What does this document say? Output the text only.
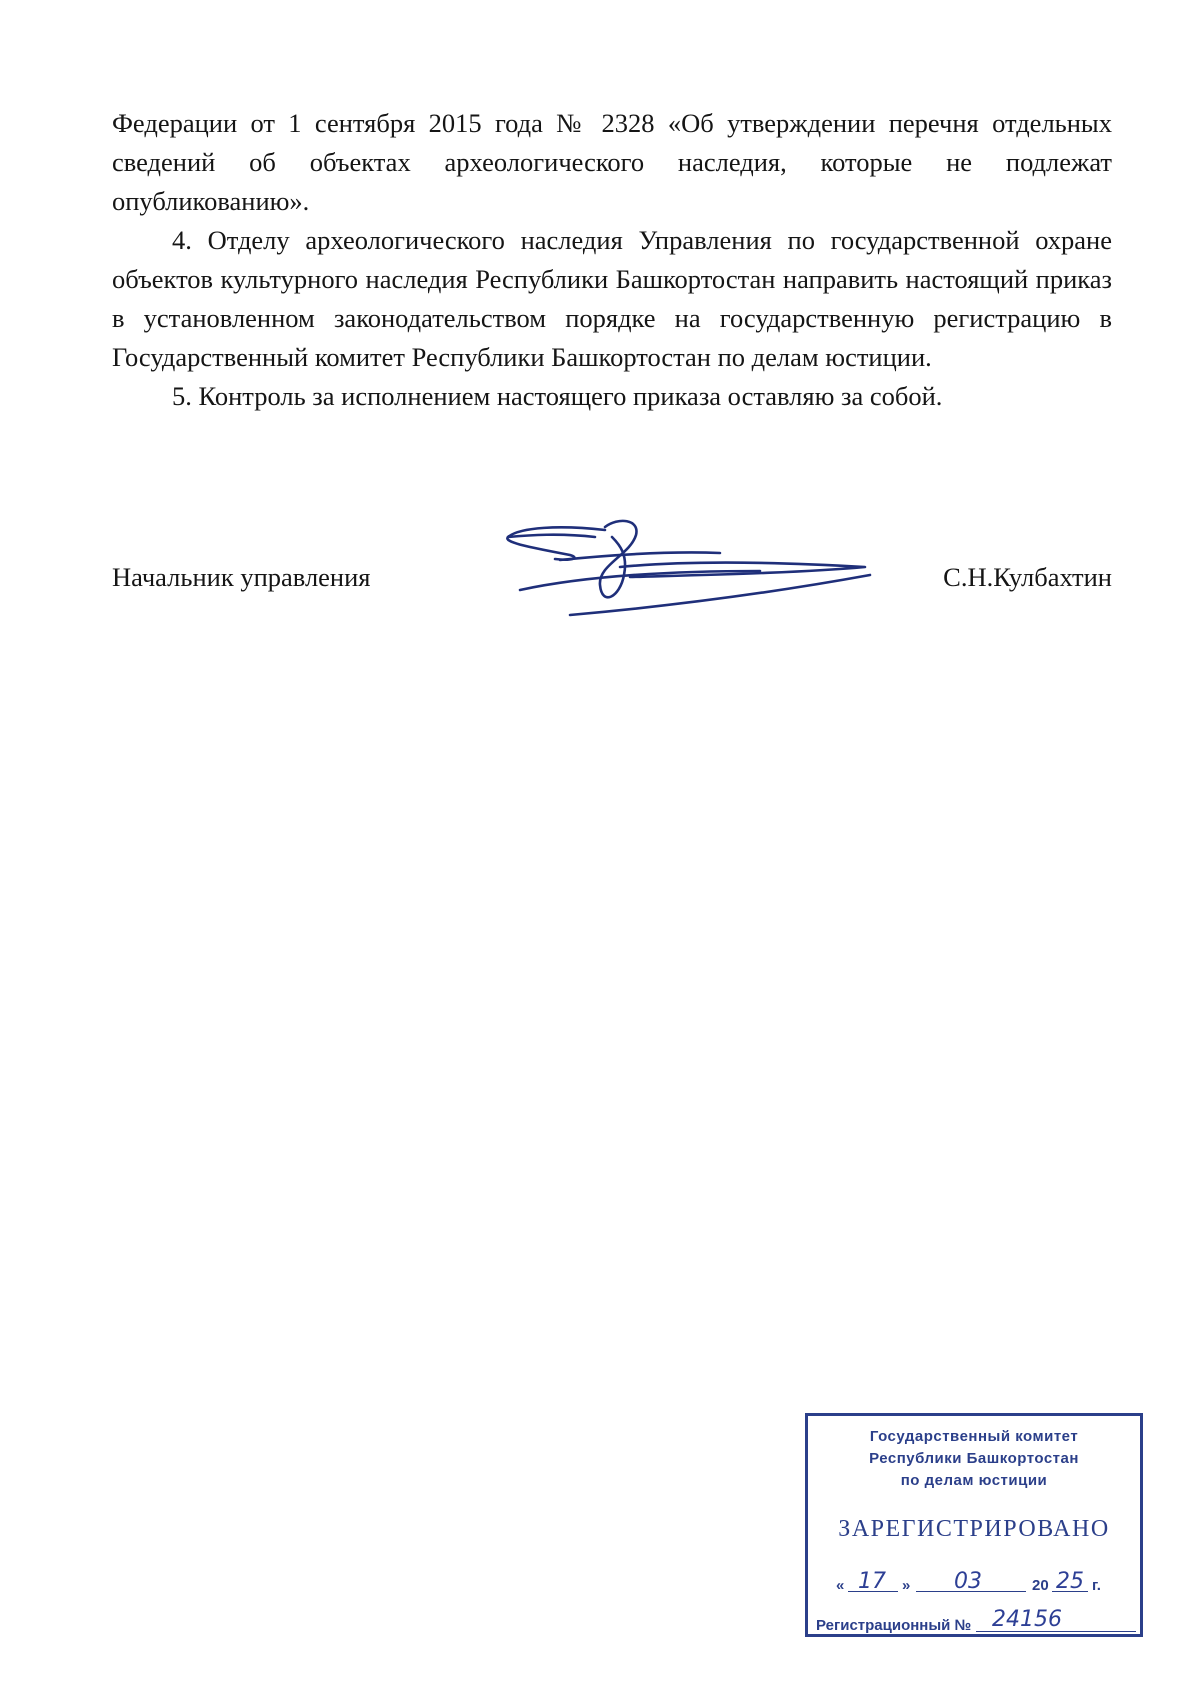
Федерации от 1 сентября 2015 года № 2328 «Об утверждении перечня отдельных сведений об объектах археологического наследия, которые не подлежат опубликованию».

4. Отделу археологического наследия Управления по государственной охране объектов культурного наследия Республики Башкортостан направить настоящий приказ в установленном законодательством порядке на государственную регистрацию в Государственный комитет Республики Башкортостан по делам юстиции.

5. Контроль за исполнением настоящего приказа оставляю за собой.

Начальник управления	С.Н.Кулбахтин
Государственный комитет
Республики Башкортостан
по делам юстиции
ЗАРЕГИСТРИРОВАНО
« 17 » 03	20 25 г.
Регистрационный № 24156
